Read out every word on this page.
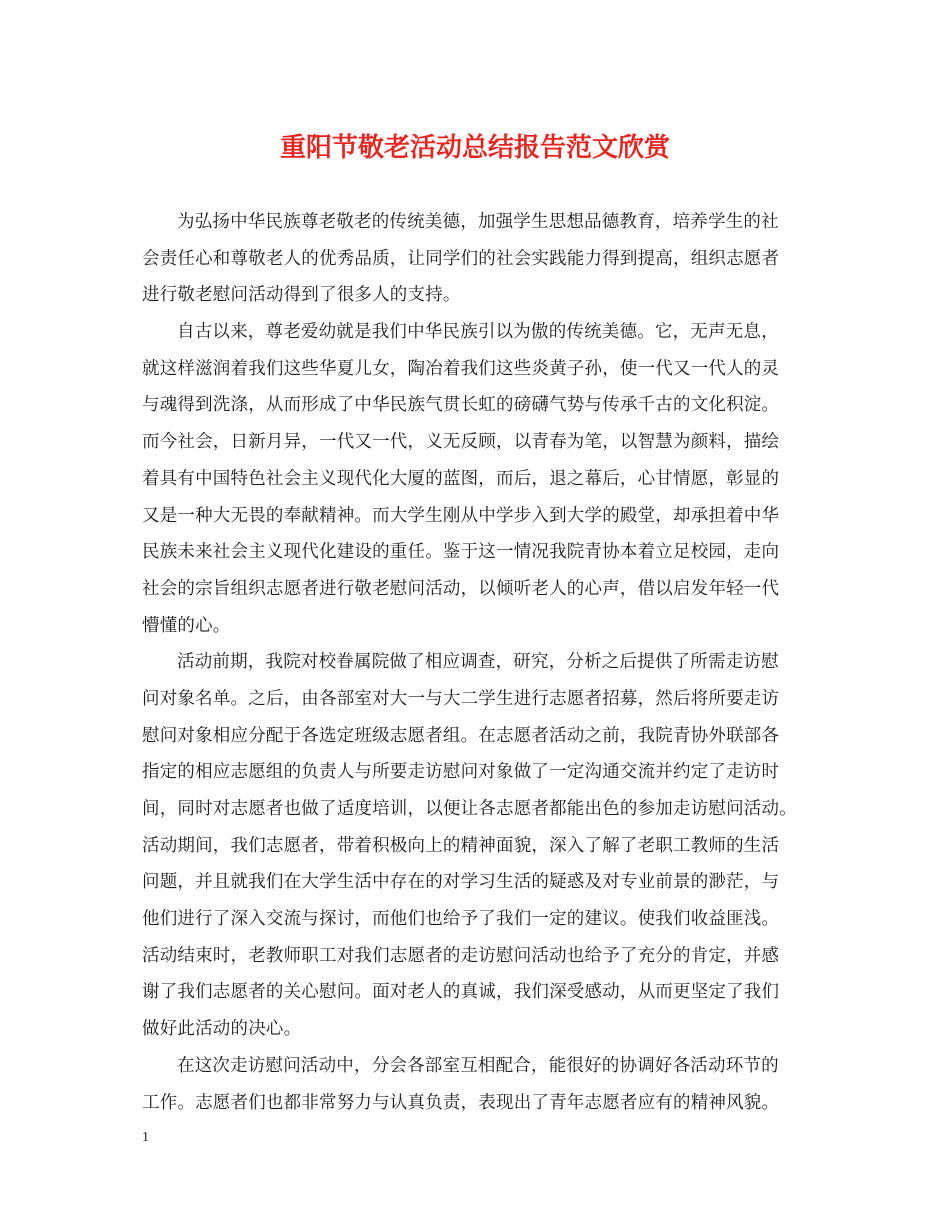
重阳节敬老活动总结报告范文欣赏
为弘扬中华民族尊老敬老的传统美德，加强学生思想品德教育，培养学生的社
会责任心和尊敬老人的优秀品质，让同学们的社会实践能力得到提高，组织志愿者
进行敬老慰问活动得到了很多人的支持。
自古以来，尊老爱幼就是我们中华民族引以为傲的传统美德。它，无声无息，
就这样滋润着我们这些华夏儿女，陶冶着我们这些炎黄子孙，使一代又一代人的灵
与魂得到洗涤，从而形成了中华民族气贯长虹的磅礴气势与传承千古的文化积淀。
而今社会，日新月异，一代又一代，义无反顾，以青春为笔，以智慧为颜料，描绘
着具有中国特色社会主义现代化大厦的蓝图，而后，退之幕后，心甘情愿，彰显的
又是一种大无畏的奉献精神。而大学生刚从中学步入到大学的殿堂，却承担着中华
民族未来社会主义现代化建设的重任。鉴于这一情况我院青协本着立足校园，走向
社会的宗旨组织志愿者进行敬老慰问活动，以倾听老人的心声，借以启发年轻一代
懵懂的心。
活动前期，我院对校眷属院做了相应调查，研究，分析之后提供了所需走访慰
问对象名单。之后，由各部室对大一与大二学生进行志愿者招募，然后将所要走访
慰问对象相应分配于各选定班级志愿者组。在志愿者活动之前，我院青协外联部各
指定的相应志愿组的负责人与所要走访慰问对象做了一定沟通交流并约定了走访时
间，同时对志愿者也做了适度培训，以便让各志愿者都能出色的参加走访慰问活动。
活动期间，我们志愿者，带着积极向上的精神面貌，深入了解了老职工教师的生活
问题，并且就我们在大学生活中存在的对学习生活的疑惑及对专业前景的渺茫，与
他们进行了深入交流与探讨，而他们也给予了我们一定的建议。使我们收益匪浅。
活动结束时，老教师职工对我们志愿者的走访慰问活动也给予了充分的肯定，并感
谢了我们志愿者的关心慰问。面对老人的真诚，我们深受感动，从而更坚定了我们
做好此活动的决心。
在这次走访慰问活动中，分会各部室互相配合，能很好的协调好各活动环节的
工作。志愿者们也都非常努力与认真负责，表现出了青年志愿者应有的精神风貌。
1
